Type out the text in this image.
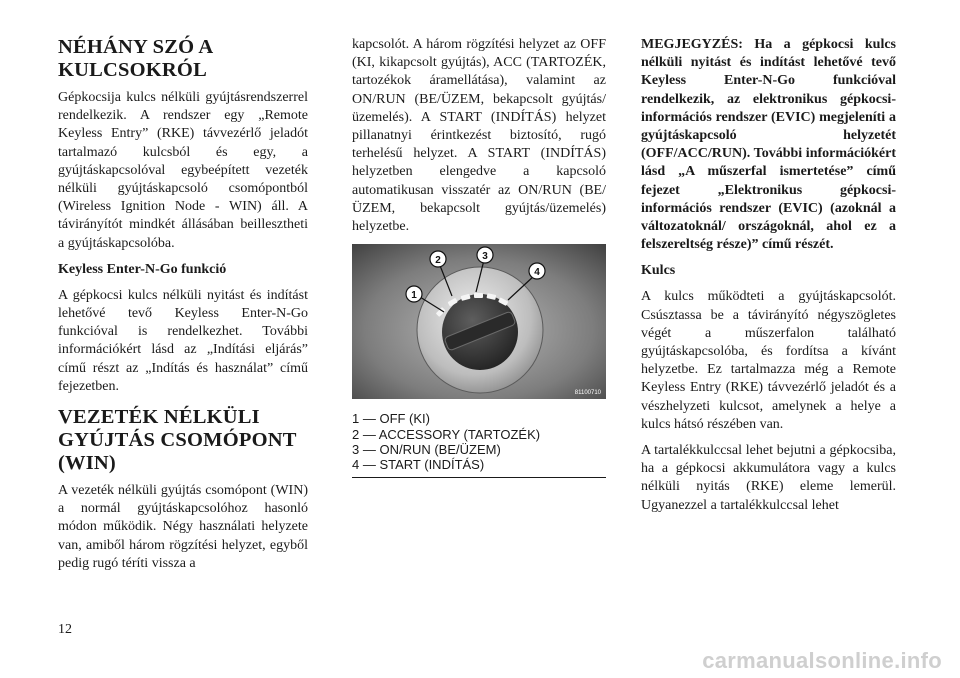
NÉHÁNY SZÓ A KULCSOKRÓL

Gépkocsija kulcs nélküli gyújtásrendszerrel rendelkezik. A rendszer egy „Remote Keyless Entry” (RKE) távvezérlő jeladót tartalmazó kulcsból és egy, a gyújtáskapcsolóval egybeépített vezeték nélküli gyújtáskapcsoló csomópontból (Wireless Ignition Node - WIN) áll. A távirányítót mindkét állásában beillesztheti a gyújtáskapcsolóba.

Keyless Enter-N-Go funkció

A gépkocsi kulcs nélküli nyitást és indítást lehetővé tevő Keyless Enter-N-Go funkcióval is rendelkezhet. További információkért lásd az „Indítási eljárás” című részt az „Indítás és használat” című fejezetben.

VEZETÉK NÉLKÜLI GYÚJTÁS CSOMÓPONT (WIN)

A vezeték nélküli gyújtás csomópont (WIN) a normál gyújtáskapcsolóhoz hasonló módon működik. Négy használati helyzete van, amiből három rögzítési helyzet, egyből pedig rugó téríti vissza a

kapcsolót. A három rögzítési helyzet az OFF (KI, kikapcsolt gyújtás), ACC (TARTOZÉK, tartozékok áramellátása), valamint az ON/RUN (BE/ÜZEM, bekapcsolt gyújtás/üzemelés). A START (INDÍTÁS) helyzet pillanatnyi érintkezést biztosító, rugó terhelésű helyzet. A START (INDÍTÁS) helyzetben elengedve a kapcsoló automatikusan visszatér az ON/RUN (BE/ÜZEM, bekapcsolt gyújtás/üzemelés) helyzetbe.

1
2	3
4
81100710
1 — OFF (KI)
2 — ACCESSORY (TARTOZÉK)
3 — ON/RUN (BE/ÜZEM)
4 — START (INDÍTÁS)

MEGJEGYZÉS: Ha a gépkocsi kulcs nélküli nyitást és indítást lehetővé tevő Keyless Enter-N-Go funkcióval rendelkezik, az elektronikus gépkocsi-információs rendszer (EVIC) megjeleníti a gyújtáskapcsoló helyzetét (OFF/ACC/RUN). További információkért lásd „A műszerfal ismertetése” című fejezet „Elektronikus gépkocsi-információs rendszer (EVIC) (azoknál a változatoknál/ országoknál, ahol ez a felszereltség része)” című részét.

Kulcs

A kulcs működteti a gyújtáskapcsolót. Csúsztassa be a távirányító négyszögletes végét a műszerfalon található gyújtáskapcsolóba, és fordítsa a kívánt helyzetbe. Ez tartalmazza még a Remote Keyless Entry (RKE) távvezérlő jeladót és a vészhelyzeti kulcsot, amelynek a helye a kulcs hátsó részében van.

A tartalékkulccsal lehet bejutni a gépkocsiba, ha a gépkocsi akkumulátora vagy a kulcs nélküli nyitás (RKE) eleme lemerül. Ugyanezzel a tartalékkulccsal lehet

12
carmanualsonline.info
